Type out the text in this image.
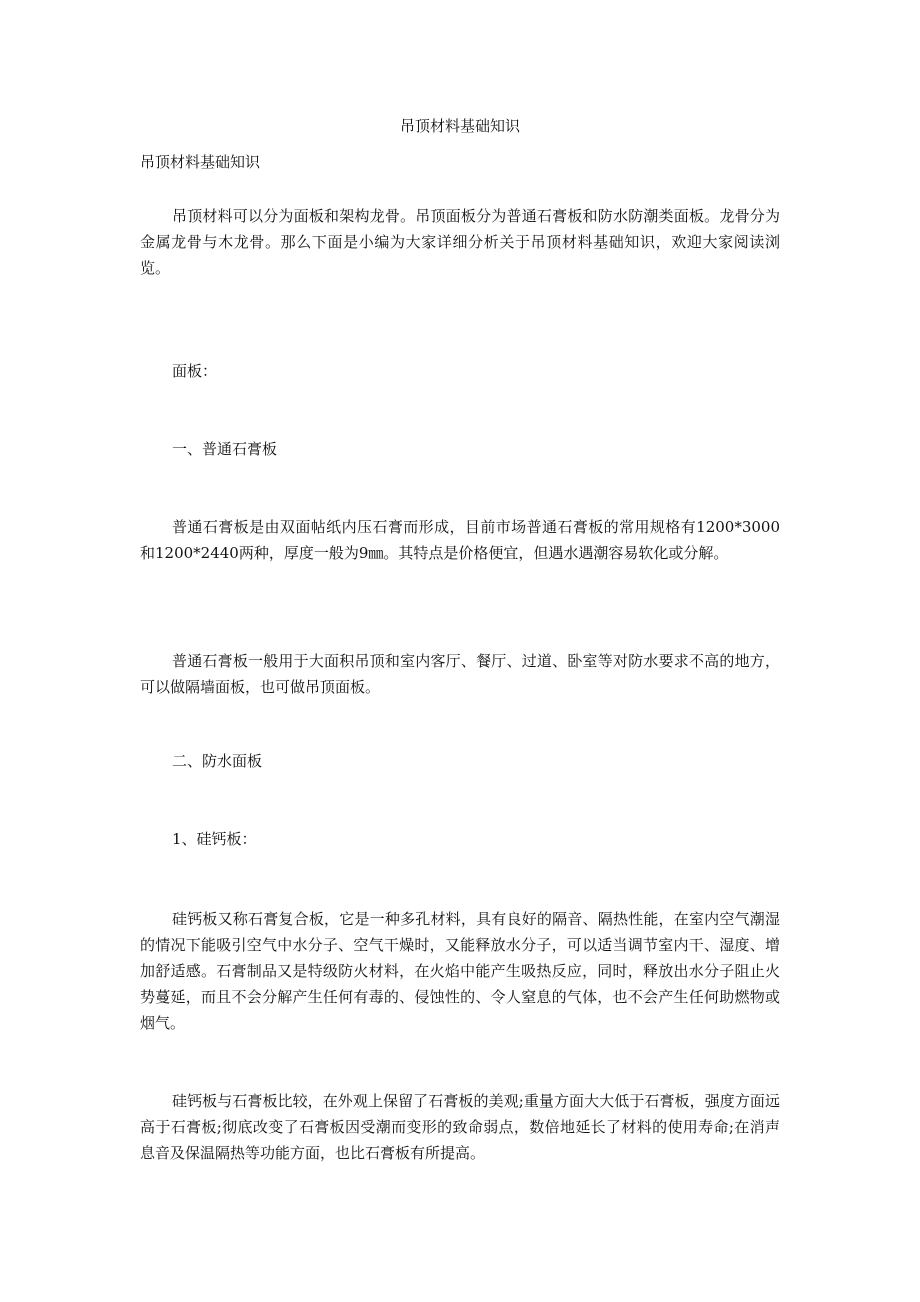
吊顶材料基础知识
吊顶材料基础知识

吊顶材料可以分为面板和架构龙骨。吊顶面板分为普通石膏板和防水防潮类面板。龙骨分为金属龙骨与木龙骨。那么下面是小编为大家详细分析关于吊顶材料基础知识，欢迎大家阅读浏览。

面板：

一、普通石膏板

普通石膏板是由双面帖纸内压石膏而形成，目前市场普通石膏板的常用规格有1200*3000和1200*2440两种，厚度一般为9㎜。其特点是价格便宜，但遇水遇潮容易软化或分解。

普通石膏板一般用于大面积吊顶和室内客厅、餐厅、过道、卧室等对防水要求不高的地方，可以做隔墙面板，也可做吊顶面板。

二、防水面板

1、硅钙板：

硅钙板又称石膏复合板，它是一种多孔材料，具有良好的隔音、隔热性能，在室内空气潮湿的情况下能吸引空气中水分子、空气干燥时，又能释放水分子，可以适当调节室内干、湿度、增加舒适感。石膏制品又是特级防火材料，在火焰中能产生吸热反应，同时，释放出水分子阻止火势蔓延，而且不会分解产生任何有毒的、侵蚀性的、令人窒息的气体，也不会产生任何助燃物或烟气。

硅钙板与石膏板比较，在外观上保留了石膏板的美观;重量方面大大低于石膏板，强度方面远高于石膏板;彻底改变了石膏板因受潮而变形的致命弱点，数倍地延长了材料的使用寿命;在消声息音及保温隔热等功能方面，也比石膏板有所提高。
